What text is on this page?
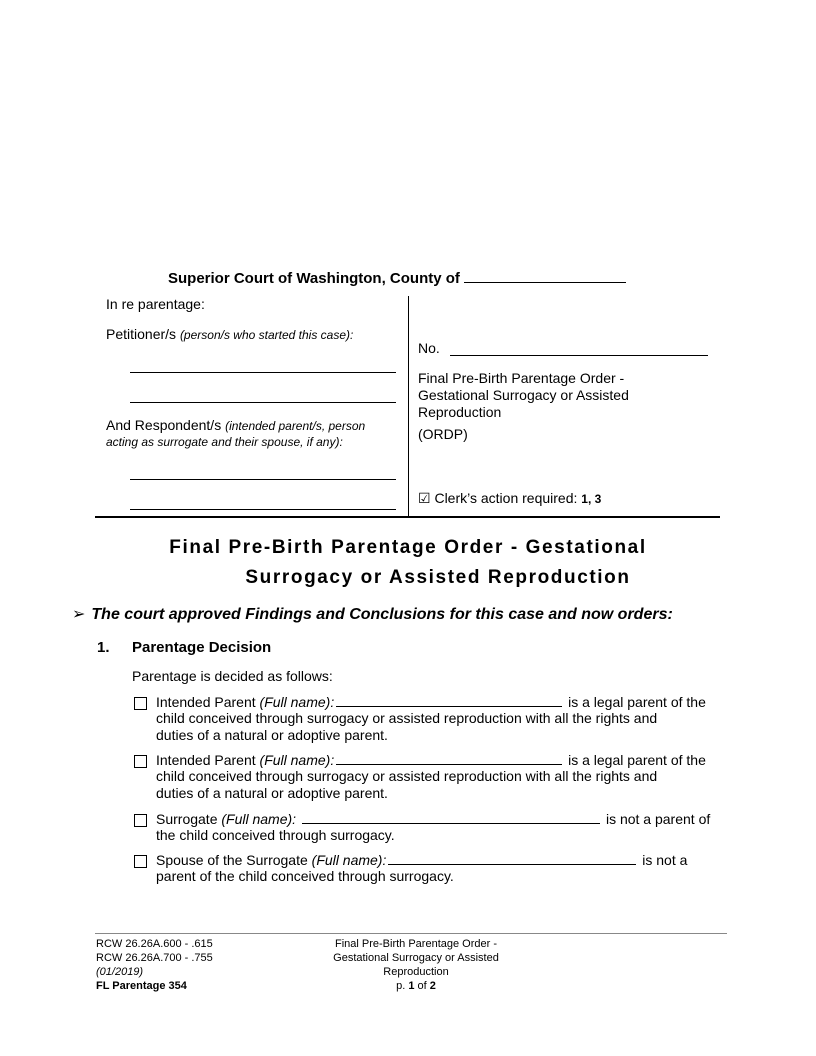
Superior Court of Washington, County of
In re parentage:
Petitioner/s (person/s who started this case):
And Respondent/s (intended parent/s, person
acting as surrogate and their spouse, if any):
No.
Final Pre-Birth Parentage Order -
Gestational Surrogacy or Assisted
Reproduction
(ORDP)
☑ Clerk’s action required: 1, 3
Final Pre-Birth Parentage Order - Gestational
Surrogacy or Assisted Reproduction
➢ The court approved Findings and Conclusions for this case and now orders:
1. Parentage Decision
Parentage is decided as follows:
Intended Parent (Full name):	is a legal parent of the
child conceived through surrogacy or assisted reproduction with all the rights and
duties of a natural or adoptive parent.
Intended Parent (Full name):	is a legal parent of the
child conceived through surrogacy or assisted reproduction with all the rights and
duties of a natural or adoptive parent.
Surrogate (Full name):	is not a parent of
the child conceived through surrogacy.
Spouse of the Surrogate (Full name):	is not a
parent of the child conceived through surrogacy.
RCW 26.26A.600 - .615
RCW 26.26A.700 - .755
(01/2019)
FL Parentage 354
Final Pre-Birth Parentage Order -
Gestational Surrogacy or Assisted
Reproduction
p. 1 of 2
